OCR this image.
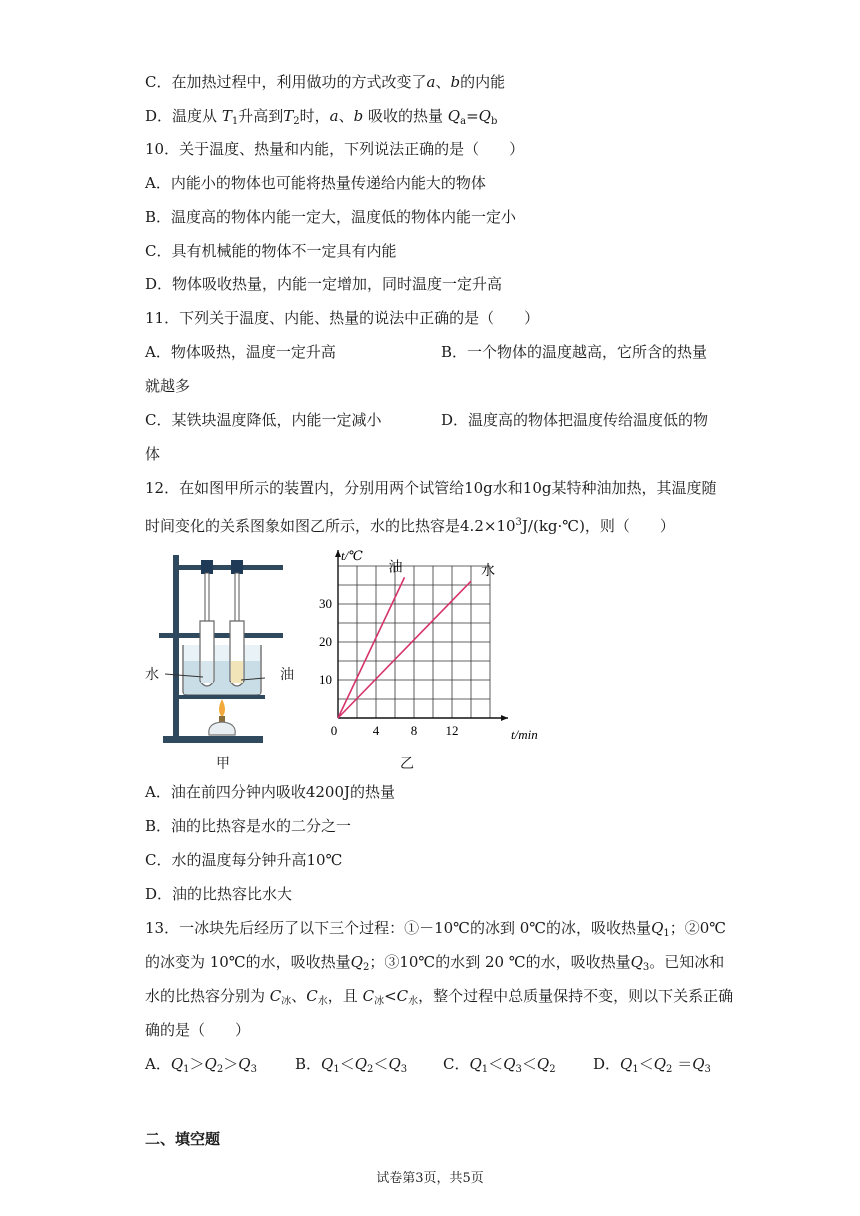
C．在加热过程中，利用做功的方式改变了a、b的内能
D．温度从 $T_1$升高到$T_2$时，a、b 吸收的热量 $Q_a=Q_b$
10．关于温度、热量和内能，下列说法正确的是（　　）
A．内能小的物体也可能将热量传递给内能大的物体
B．温度高的物体内能一定大，温度低的物体内能一定小
C．具有机械能的物体不一定具有内能
D．物体吸收热量，内能一定增加，同时温度一定升高
11．下列关于温度、内能、热量的说法中正确的是（　　）
A．物体吸热，温度一定升高	B．一个物体的温度越高，它所含的热量
就越多
C．某铁块温度降低，内能一定减小	D．温度高的物体把温度传给温度低的物
体
12．在如图甲所示的装置内，分别用两个试管给10g水和10g某特种油加热，其温度随
时间变化的关系图象如图乙所示，水的比热容是$4.2\times 10^3J/(kg\cdot℃)$，则（　　）
水	油
甲
t/min
t/℃
油	水
0	4 8 12
10
20
30
乙
A．油在前四分钟内吸收4200J的热量
B．油的比热容是水的二分之一
C．水的温度每分钟升高10℃
D．油的比热容比水大
13．一冰块先后经历了以下三个过程：①－10℃的冰到 0℃的冰，吸收热量$Q_1$；②0℃
的冰变为 10℃的水，吸收热量$Q_2$；③10℃的水到 20 ℃的水，吸收热量$Q_3$。已知冰和
水的比热容分别为 $C_冰$、$C_水$，且 $C_冰<C_水$，整个过程中总质量保持不变，则以下关系正确
确的是（　　）
A．$Q_1>Q_2>Q_3$	B．$Q_1<Q_2<Q_3$ C．$Q_1<Q_3<Q_2$ D．$Q_1<Q_2 =Q_3$
二、填空题
试卷第3页，共5页
